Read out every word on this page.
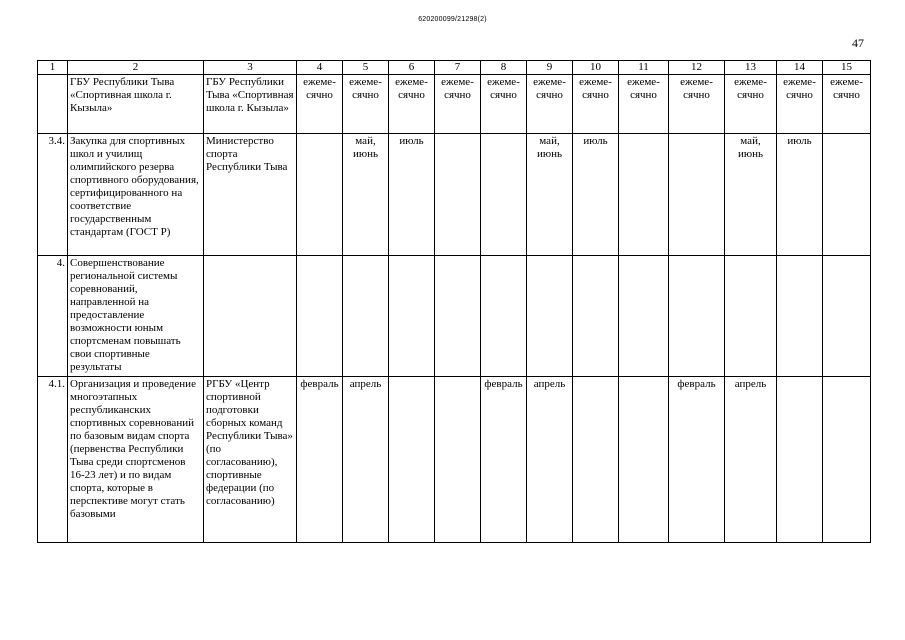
620200099/21298(2)
47
1	2	3	4	5	6	7	8	9	10	11	12	13	14	15
	ГБУ Республики Тыва «Спортивная школа г. Кызыла»	ГБУ Республики Тыва «Спортивная школа г. Кызыла»	ежеме-сячно	ежеме-сячно	ежеме-сячно	ежеме-сячно	ежеме-сячно	ежеме-сячно	ежеме-сячно	ежеме-сячно	ежеме-сячно	ежеме-сячно	ежеме-сячно	ежеме-сячно
3.4.	Закупка для спортивных школ и училищ олимпийского резерва спортивного оборудования, сертифицированного на соответствие государственным стандартам (ГОСТ Р)	Министерство спорта Республики Тыва		май, июнь	июль			май, июнь	июль			май, июнь	июль	
4.	Совершенствование региональной системы соревнований, направленной на предоставление возможности юным спортсменам повышать свои спортивные результаты													
4.1.	Организация и проведение многоэтапных республиканских спортивных соревнований по базовым видам спорта (первенства Республики Тыва среди спортсменов 16-23 лет) и по видам спорта, которые в перспективе могут стать базовыми	РГБУ «Центр спортивной подготовки сборных команд Республики Тыва» (по согласованию), спортивные федерации (по согласованию)	февраль	апрель			февраль	апрель			февраль	апрель		
